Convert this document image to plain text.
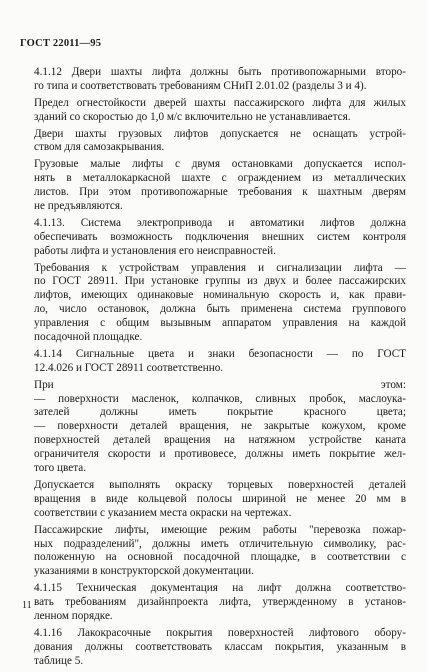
ГОСТ 22011—95
4.1.12 Двери шахты лифта должны быть противопожарными второ-
го типа и соответствовать требованиям СНиП 2.01.02 (разделы 3 и 4).
Предел огнестойкости дверей шахты пассажирского лифта для жилых
зданий со скоростью до 1,0 м/с включительно не устанавливается.
Двери шахты грузовых лифтов допускается не оснащать устрой-
ством для самозакрывания.
Грузовые малые лифты с двумя остановками допускается испол-
нять в металлокаркасной шахте с ограждением из металлических
листов. При этом противопожарные требования к шахтным дверям
не предъявляются.
4.1.13. Система электропривода и автоматики лифтов должна
обеспечивать возможность подключения внешних систем контроля
работы лифта и установления его неисправностей.
Требования к устройствам управления и сигнализации лифта —
по ГОСТ 28911. При установке группы из двух и более пассажирских
лифтов, имеющих одинаковые номинальную скорость и, как прави-
ло, число остановок, должна быть применена система группового
управления с общим вызывным аппаратом управления на каждой
посадочной площадке.
4.1.14 Сигнальные цвета и знаки безопасности — по ГОСТ
12.4.026 и ГОСТ 28911 соответственно.
При этом:
— поверхности масленок, колпачков, сливных пробок, маслоука-
зателей должны иметь покрытие красного цвета;
— поверхности деталей вращения, не закрытые кожухом, кроме
поверхностей деталей вращения на натяжном устройстве каната
ограничителя скорости и противовесе, должны иметь покрытие жел-
того цвета.
Допускается выполнять окраску торцевых поверхностей деталей
вращения в виде кольцевой полосы шириной не менее 20 мм в
соответствии с указанием места окраски на чертежах.
Пассажирские лифты, имеющие режим работы "перевозка пожар-
ных подразделений", должны иметь отличительную символику, рас-
положенную на основной посадочной площадке, в соответствии с
указаниями в конструкторской документации.
4.1.15 Техническая документация на лифт должна соответство-
вать требованиям дизайнпроекта лифта, утвержденному в установ-
ленном порядке.
4.1.16 Лакокрасочные покрытия поверхностей лифтового обору-
дования должны соответствовать классам покрытия, указанным в
таблице 5.
11
